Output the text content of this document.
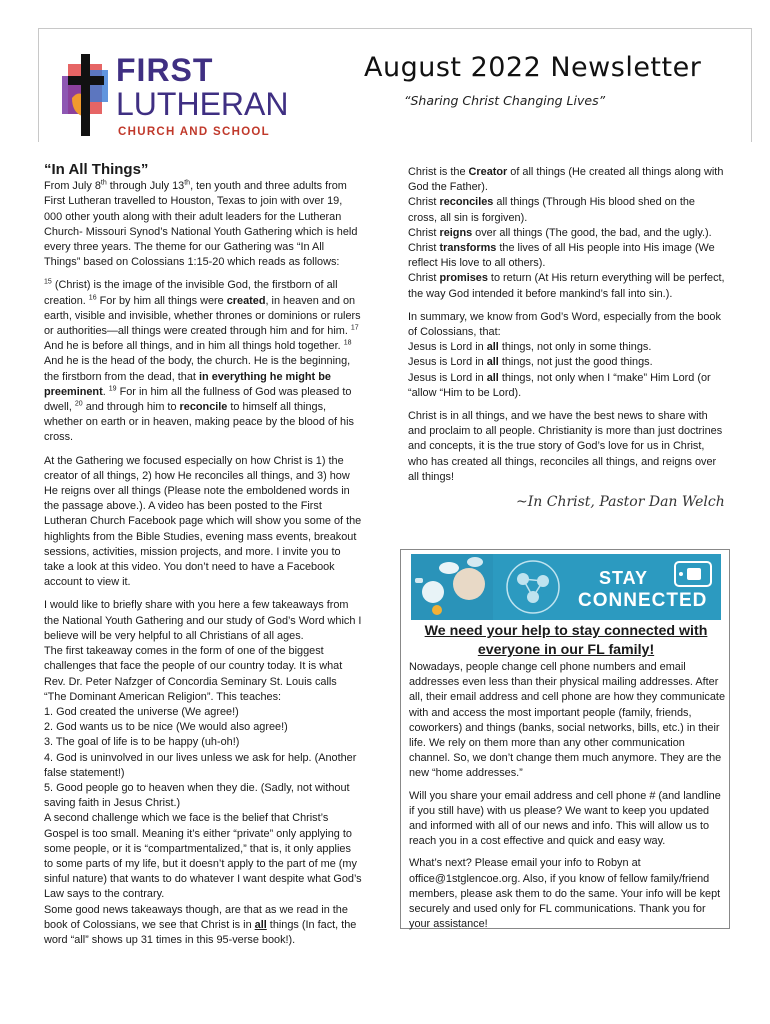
FIRST
LUTHERAN
CHURCH AND SCHOOL
August 2022 Newsletter
“Sharing Christ Changing Lives”
“In All Things”

From July 8th through July 13th, ten youth and three adults from First Lutheran travelled to Houston, Texas to join with over 19, 000 other youth along with their adult leaders for the Lutheran Church- Missouri Synod’s National Youth Gathering which is held every three years. The theme for our Gathering was “In All Things” based on Colossians 1:15-20 which reads as follows:

$^{15}$ (Christ) is the image of the invisible God, the firstborn of all creation. $^{16}$ For by him all things were created, in heaven and on earth, visible and invisible, whether thrones or dominions or rulers or authorities—all things were created through him and for him. $^{17}$ And he is before all things, and in him all things hold together. $^{18}$ And he is the head of the body, the church. He is the beginning, the firstborn from the dead, that in everything he might be preeminent. $^{19}$ For in him all the fullness of God was pleased to dwell, $^{20}$ and through him to reconcile to himself all things, whether on earth or in heaven, making peace by the blood of his cross.

At the Gathering we focused especially on how Christ is 1) the creator of all things, 2) how He reconciles all things, and 3) how He reigns over all things (Please note the emboldened words in the passage above.). A video has been posted to the First Lutheran Church Facebook page which will show you some of the highlights from the Bible Studies, evening mass events, breakout sessions, activities, mission projects, and more. I invite you to take a look at this video. You don’t need to have a Facebook account to view it.

I would like to briefly share with you here a few takeaways from the National Youth Gathering and our study of God’s Word which I believe will be very helpful to all Christians of all ages.
The first takeaway comes in the form of one of the biggest challenges that face the people of our country today. It is what Rev. Dr. Peter Nafzger of Concordia Seminary St. Louis calls “The Dominant American Religion”. This teaches:
1. God created the universe (We agree!)
2. God wants us to be nice (We would also agree!)
3. The goal of life is to be happy (uh-oh!)
4. God is uninvolved in our lives unless we ask for help. (Another false statement!)
5. Good people go to heaven when they die. (Sadly, not without saving faith in Jesus Christ.)
A second challenge which we face is the belief that Christ’s Gospel is too small. Meaning it’s either “private” only applying to some people, or it is “compartmentalized,” that is, it only applies to some parts of my life, but it doesn’t apply to the part of me (my sinful nature) that wants to do whatever I want despite what God’s Law says to the contrary.
Some good news takeaways though, are that as we read in the book of Colossians, we see that Christ is in all things (In fact, the word “all” shows up 31 times in this 95-verse book!).

Christ is the Creator of all things (He created all things along with God the Father).
Christ reconciles all things (Through His blood shed on the cross, all sin is forgiven).
Christ reigns over all things (The good, the bad, and the ugly.).
Christ transforms the lives of all His people into His image (We reflect His love to all others).
Christ promises to return (At His return everything will be perfect, the way God intended it before mankind’s fall into sin.).

In summary, we know from God’s Word, especially from the book of Colossians, that:
Jesus is Lord in all things, not only in some things.
Jesus is Lord in all things, not just the good things.
Jesus is Lord in all things, not only when I “make” Him Lord (or “allow “Him to be Lord).

Christ is in all things, and we have the best news to share with and proclaim to all people. Christianity is more than just doctrines and concepts, it is the true story of God’s love for us in Christ, who has created all things, reconciles all things, and reigns over all things!

~In Christ, Pastor Dan Welch
STAY
CONNECTED
We need your help to stay connected with everyone in our FL family!

Nowadays, people change cell phone numbers and email addresses even less than their physical mailing addresses. After all, their email address and cell phone are how they communicate with and access the most important people (family, friends, coworkers) and things (banks, social networks, bills, etc.) in their life. We rely on them more than any other communication channel. So, we don’t change them much anymore. They are the new “home addresses.”

Will you share your email address and cell phone # (and landline if you still have) with us please? We want to keep you updated and informed with all of our news and info. This will allow us to reach you in a cost effective and quick and easy way.

What’s next? Please email your info to Robyn at office@1stglencoe.org. Also, if you know of fellow family/friend members, please ask them to do the same. Your info will be kept securely and used only for FL communications. Thank you for your assistance!
